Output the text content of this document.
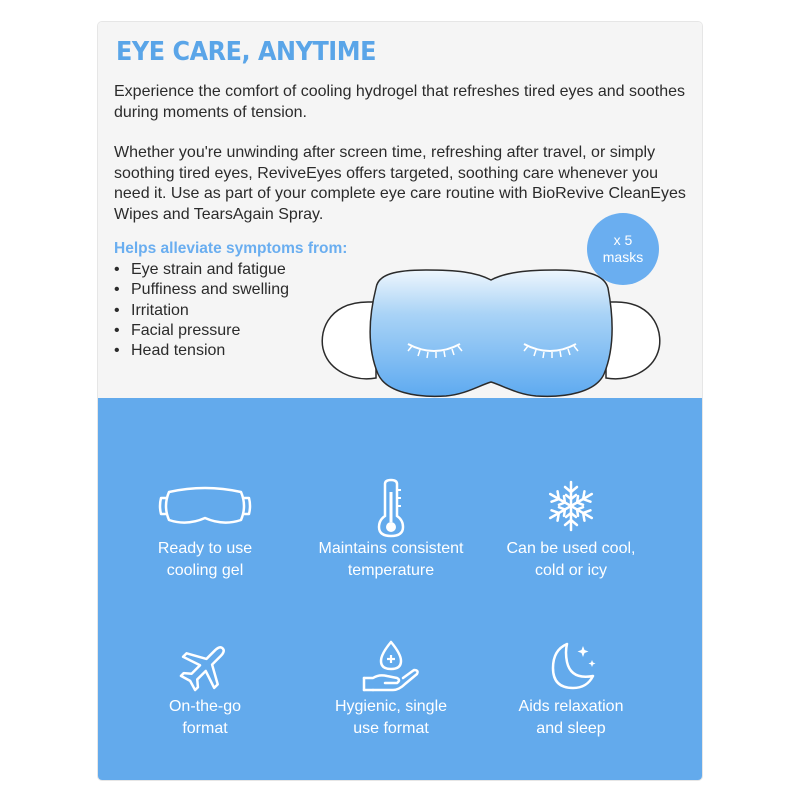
EYE CARE, ANYTIME

Experience the comfort of cooling hydrogel that refreshes tired eyes and soothes during moments of tension.

Whether you're unwinding after screen time, refreshing after travel, or simply soothing tired eyes, ReviveEyes offers targeted, soothing care whenever you need it. Use as part of your complete eye care routine with BioRevive CleanEyes Wipes and TearsAgain Spray.

Helps alleviate symptoms from:

• Eye strain and fatigue
• Puffiness and swelling
• Irritation
• Facial pressure
• Head tension
x 5
masks
Ready to use
cooling gel
Maintains consistent
temperature
Can be used cool,
cold or icy
On-the-go
format
Hygienic, single
use format
Aids relaxation
and sleep
